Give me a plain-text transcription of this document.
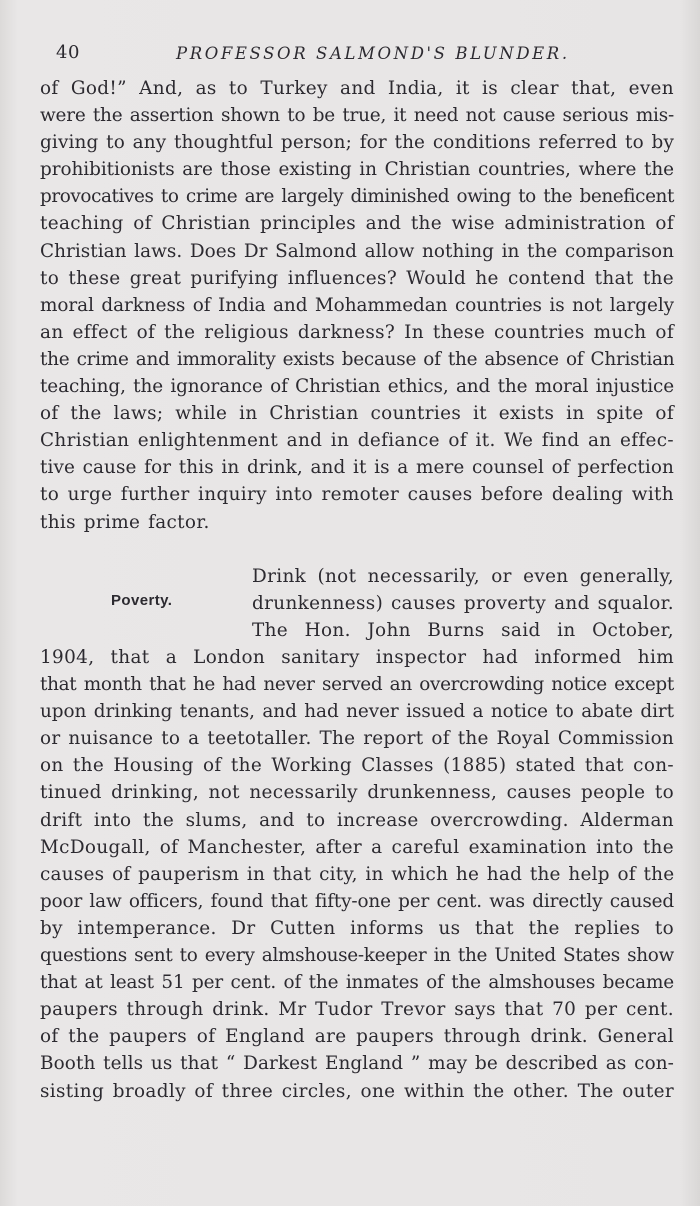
40	PROFESSOR SALMOND'S BLUNDER.

of God!” And, as to Turkey and India, it is clear that, even

were the assertion shown to be true, it need not cause serious mis-

giving to any thoughtful person; for the conditions referred to by

prohibitionists are those existing in Christian countries, where the

provocatives to crime are largely diminished owing to the beneficent

teaching of Christian principles and the wise administration of

Christian laws. Does Dr Salmond allow nothing in the comparison

to these great purifying influences? Would he contend that the

moral darkness of India and Mohammedan countries is not largely

an effect of the religious darkness? In these countries much of

the crime and immorality exists because of the absence of Christian

teaching, the ignorance of Christian ethics, and the moral injustice

of the laws; while in Christian countries it exists in spite of

Christian enlightenment and in defiance of it. We find an effec-

tive cause for this in drink, and it is a mere counsel of perfection

to urge further inquiry into remoter causes before dealing with

this prime factor.

Poverty.

Drink (not necessarily, or even generally,

drunkenness) causes proverty and squalor.

The Hon. John Burns said in October,

1904, that a London sanitary inspector had informed him

that month that he had never served an overcrowding notice except

upon drinking tenants, and had never issued a notice to abate dirt

or nuisance to a teetotaller. The report of the Royal Commission

on the Housing of the Working Classes (1885) stated that con-

tinued drinking, not necessarily drunkenness, causes people to

drift into the slums, and to increase overcrowding. Alderman

McDougall, of Manchester, after a careful examination into the

causes of pauperism in that city, in which he had the help of the

poor law officers, found that fifty-one per cent. was directly caused

by intemperance. Dr Cutten informs us that the replies to

questions sent to every almshouse-keeper in the United States show

that at least 51 per cent. of the inmates of the almshouses became

paupers through drink. Mr Tudor Trevor says that 70 per cent.

of the paupers of England are paupers through drink. General

Booth tells us that “ Darkest England ” may be described as con-

sisting broadly of three circles, one within the other. The outer
